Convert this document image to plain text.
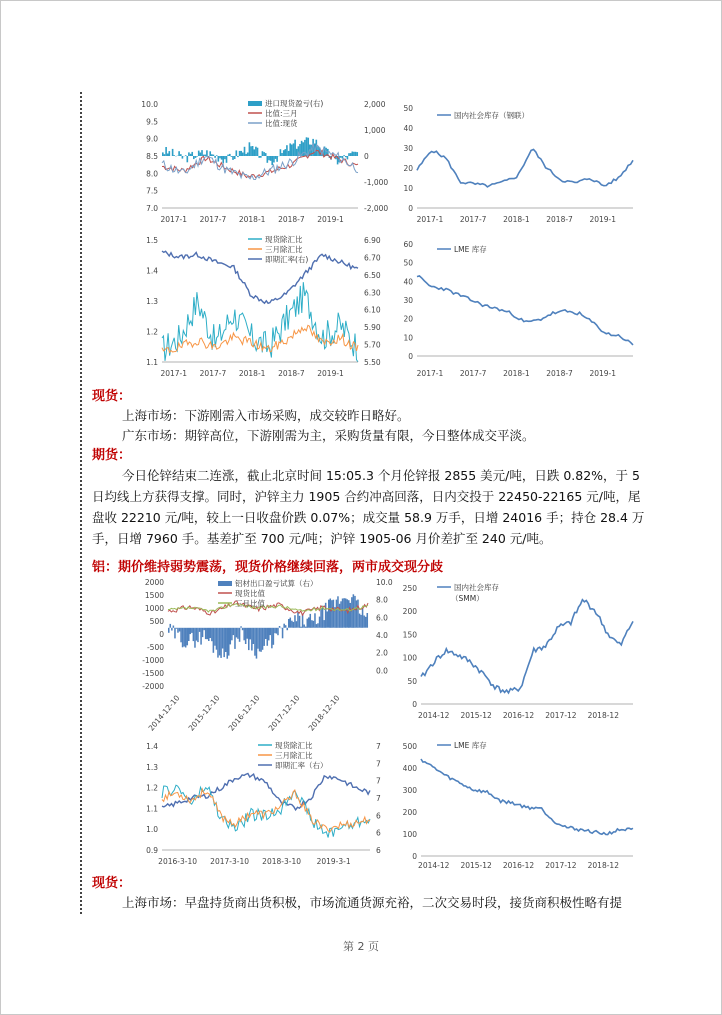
10.0
9.5
9.0
8.5
8.0
7.5
7.0
2,000
1,000
0
-1,000
-2,000
2017-1 2017-7 2018-1 2018-7 2019-1
进口现货盈亏(右)
比值:三月
比值:现货
50
40
30
20
10
0
2017-1 2017-7 2018-1 2018-7 2019-1
国内社会库存（钢联）
1.5
1.4
1.3
1.2
1.1
6.90
6.70
6.50
6.30
6.10
5.90
5.70
5.50
2017-1 2017-7 2018-1 2018-7 2019-1
现货除汇比
三月除汇比
即期汇率(右)
60
50
40
30
20
10
0
2017-1 2017-7 2018-1 2018-7 2019-1
LME 库存
现货：
上海市场：下游刚需入市场采购，成交较昨日略好。
广东市场：期锌高位，下游刚需为主，采购货量有限，今日整体成交平淡。
期货：
今日伦锌结束二连涨，截止北京时间 15:05.3 个月伦锌报 2855 美元/吨，日跌 0.82%，于 5
日均线上方获得支撑。同时，沪锌主力 1905 合约冲高回落，日内交投于 22450-22165 元/吨，尾
盘收 22210 元/吨，较上一日收盘价跌 0.07%；成交量 58.9 万手，日增 24016 手；持仓 28.4 万
手，日增 7960 手。基差扩至 700 元/吨；沪锌 1905-06 月价差扩至 240 元/吨。
铝：期价维持弱势震荡，现货价格继续回落，两市成交现分歧
2000
1500
1000
500
0
-500
-1000
-1500
-2000
10.0
8.0
6.0
4.0
2.0
0.0
2014-12-10 2015-12-10 2016-12-10 2017-12-10 2018-12-10
铝材出口盈亏试算（右）
现货比值
三月比值
250
200
150
100
50
0
2014-12 2015-12 2016-12 2017-12 2018-12
国内社会库存
（SMM）
1.4
1.3
1.2
1.1
1.0
0.9
7
7
7
7
6
6
6
2016-3-10 2017-3-10 2018-3-10 2019-3-1
现货除汇比
三月除汇比
即期汇率（右）
500
400
300
200
100
0
2014-12 2015-12 2016-12 2017-12 2018-12
LME 库存
现货：
上海市场：早盘持货商出货积极，市场流通货源充裕，二次交易时段，接货商积极性略有提
第 2 页
